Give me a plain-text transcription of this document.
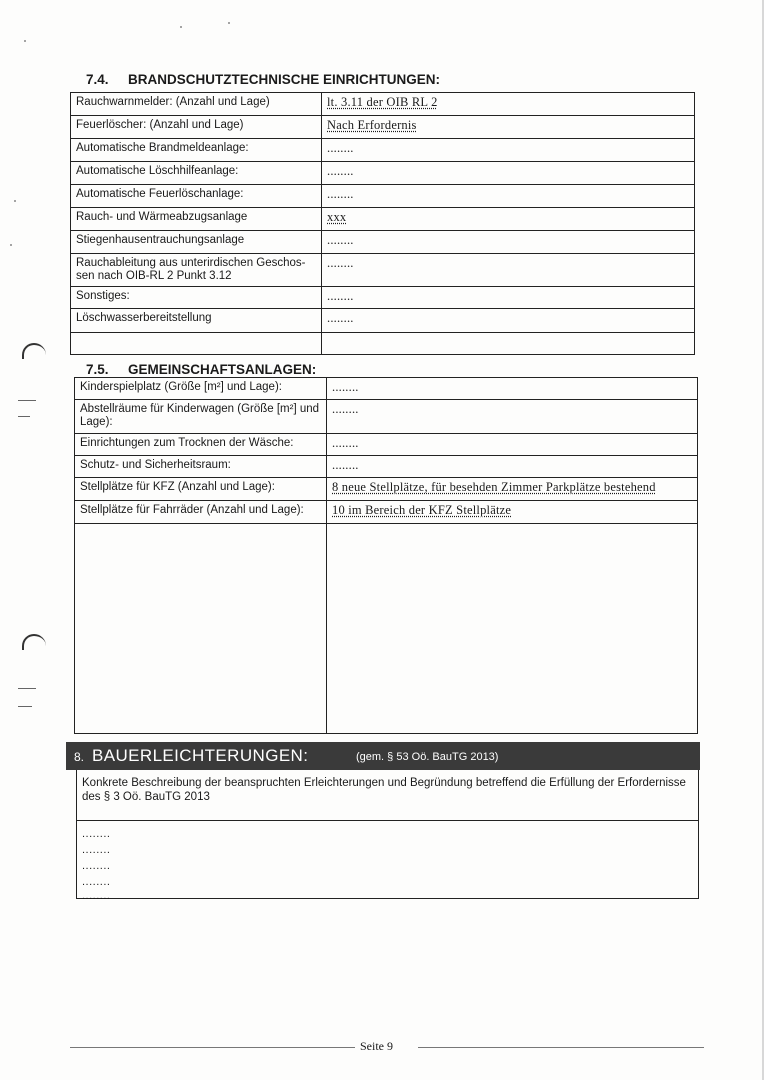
7.4. BRANDSCHUTZTECHNISCHE EINRICHTUNGEN:
Rauchwarnmelder: (Anzahl und Lage)	lt. 3.11 der OIB RL 2
Feuerlöscher: (Anzahl und Lage)	Nach Erfordernis
Automatische Brandmeldeanlage:	........
Automatische Löschhilfeanlage:	........
Automatische Feuerlöschanlage:	........
Rauch- und Wärmeabzugsanlage	xxx
Stiegenhausentrauchungsanlage	........
Rauchableitung aus unterirdischen Geschos-sen nach OIB-RL 2 Punkt 3.12	........
Sonstiges:	........
Löschwasserbereitstellung	........

7.5. GEMEINSCHAFTSANLAGEN:
Kinderspielplatz (Größe [m²] und Lage):	........
Abstellräume für Kinderwagen (Größe [m²] und Lage):	........
Einrichtungen zum Trocknen der Wäsche:	........
Schutz- und Sicherheitsraum:	........
Stellplätze für KFZ (Anzahl und Lage):	8 neue Stellplätze, für besehden Zimmer Parkplätze bestehend
Stellplätze für Fahrräder (Anzahl und Lage):	10 im Bereich der KFZ Stellplätze

8. BAUERLEICHTERUNGEN:	(gem. § 53 Oö. BauTG 2013)
Konkrete Beschreibung der beanspruchten Erleichterungen und Begründung betreffend die Erfüllung der Erfordernisse des § 3 Oö. BauTG 2013
........
........
........
........
........
Seite 9
